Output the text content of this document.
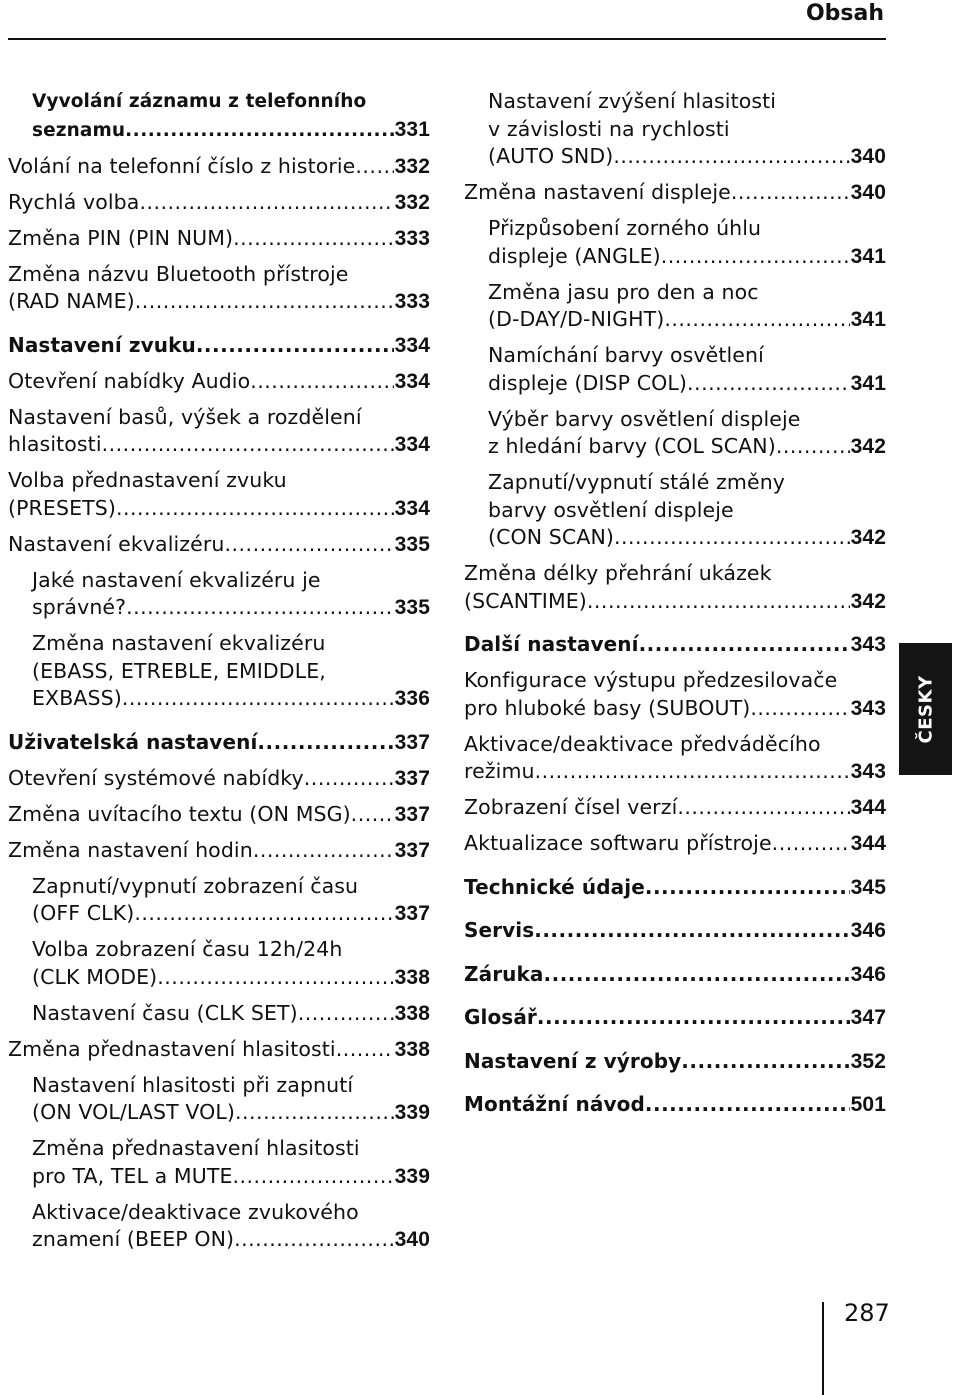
Obsah
Vyvolání záznamu z telefonního
seznamu .....	331
Volání na telefonní číslo z historie ..... 332
Rychlá volba .....	332
Změna PIN (PIN NUM) .....	333
Změna názvu Bluetooth přístroje
(RAD NAME) .....	333
Nastavení zvuku .....	334
Otevření nabídky Audio .....	334
Nastavení basů, výšek a rozdělení
hlasitosti .....	334
Volba přednastavení zvuku
(PRESETS) .....	334
Nastavení ekvalizéru .....	335
Jaké nastavení ekvalizéru je
správné? .....	335
Změna nastavení ekvalizéru
(EBASS, ETREBLE, EMIDDLE,
EXBASS) .....	336
Uživatelská nastavení .....	337
Otevření systémové nabídky .....	337
Změna uvítacího textu (ON MSG) ..... 337
Změna nastavení hodin .....	337
Zapnutí/vypnutí zobrazení času
(OFF CLK) .....	337
Volba zobrazení času 12h/24h
(CLK MODE) .....	338
Nastavení času (CLK SET) .....	338
Změna přednastavení hlasitosti .....	338
Nastavení hlasitosti při zapnutí
(ON VOL/LAST VOL) .....	339
Změna přednastavení hlasitosti
pro TA, TEL a MUTE .....	339
Aktivace/deaktivace zvukového
znamení (BEEP ON) .....	340
Nastavení zvýšení hlasitosti
v závislosti na rychlosti
(AUTO SND) .....	340
Změna nastavení displeje .....	340
Přizpůsobení zorného úhlu
displeje (ANGLE) .....	341
Změna jasu pro den a noc
(D-DAY/D-NIGHT) .....	341
Namíchání barvy osvětlení
displeje (DISP COL) .....	341
Výběr barvy osvětlení displeje
z hledání barvy (COL SCAN) .....	342
Zapnutí/vypnutí stálé změny
barvy osvětlení displeje
(CON SCAN) .....	342
Změna délky přehrání ukázek
(SCANTIME) .....	342
Další nastavení .....	343
Konfigurace výstupu předzesilovače
pro hluboké basy (SUBOUT) .....	343
Aktivace/deaktivace předváděcího
režimu .....	343
Zobrazení čísel verzí .....	344
Aktualizace softwaru přístroje .....	344
Technické údaje .....	345
Servis .....	346
Záruka .....	346
Glosář .....	347
Nastavení z výroby .....	352
Montážní návod .....	501
ČESKY
287
